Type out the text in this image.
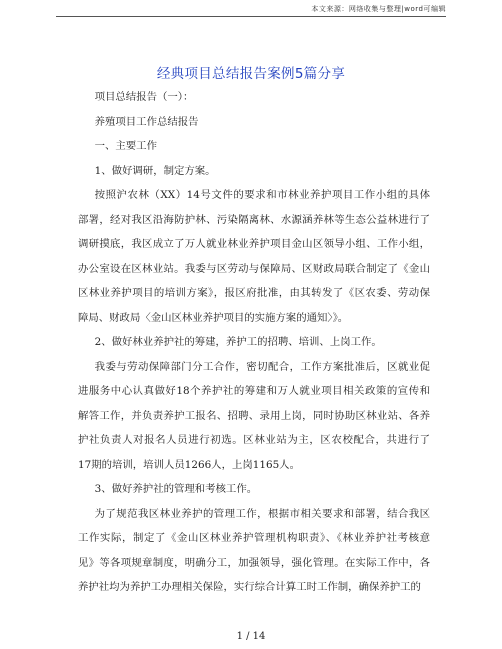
本文来源：网络收集与整理|word可编辑
经典项目总结报告案例5篇分享

项目总结报告（一）：

养殖项目工作总结报告

一、主要工作

1、做好调研，制定方案。

按照沪农林（XX）14号文件的要求和市林业养护项目工作小组的具体
部署，经对我区沿海防护林、污染隔离林、水源涵养林等生态公益林进行了
调研摸底，我区成立了万人就业林业养护项目金山区领导小组、工作小组，
办公室设在区林业站。我委与区劳动与保障局、区财政局联合制定了《金山
区林业养护项目的培训方案》，报区府批准，由其转发了《区农委、劳动保
障局、财政局〈金山区林业养护项目的实施方案的通知〉》。

2、做好林业养护社的筹建，养护工的招聘、培训、上岗工作。

我委与劳动保障部门分工合作，密切配合，工作方案批准后，区就业促
进服务中心认真做好18个养护社的筹建和万人就业项目相关政策的宣传和
解答工作，并负责养护工报名、招聘、录用上岗，同时协助区林业站、各养
护社负责人对报名人员进行初选。区林业站为主，区农校配合，共进行了
17期的培训，培训人员1266人，上岗1165人。

3、做好养护社的管理和考核工作。

为了规范我区林业养护的管理工作，根据市相关要求和部署，结合我区
工作实际，制定了《金山区林业养护管理机构职责》、《林业养护社考核意
见》等各项规章制度，明确分工，加强领导，强化管理。在实际工作中，各
养护社均为养护工办理相关保险，实行综合计算工时工作制，确保养护工的

1 / 14
